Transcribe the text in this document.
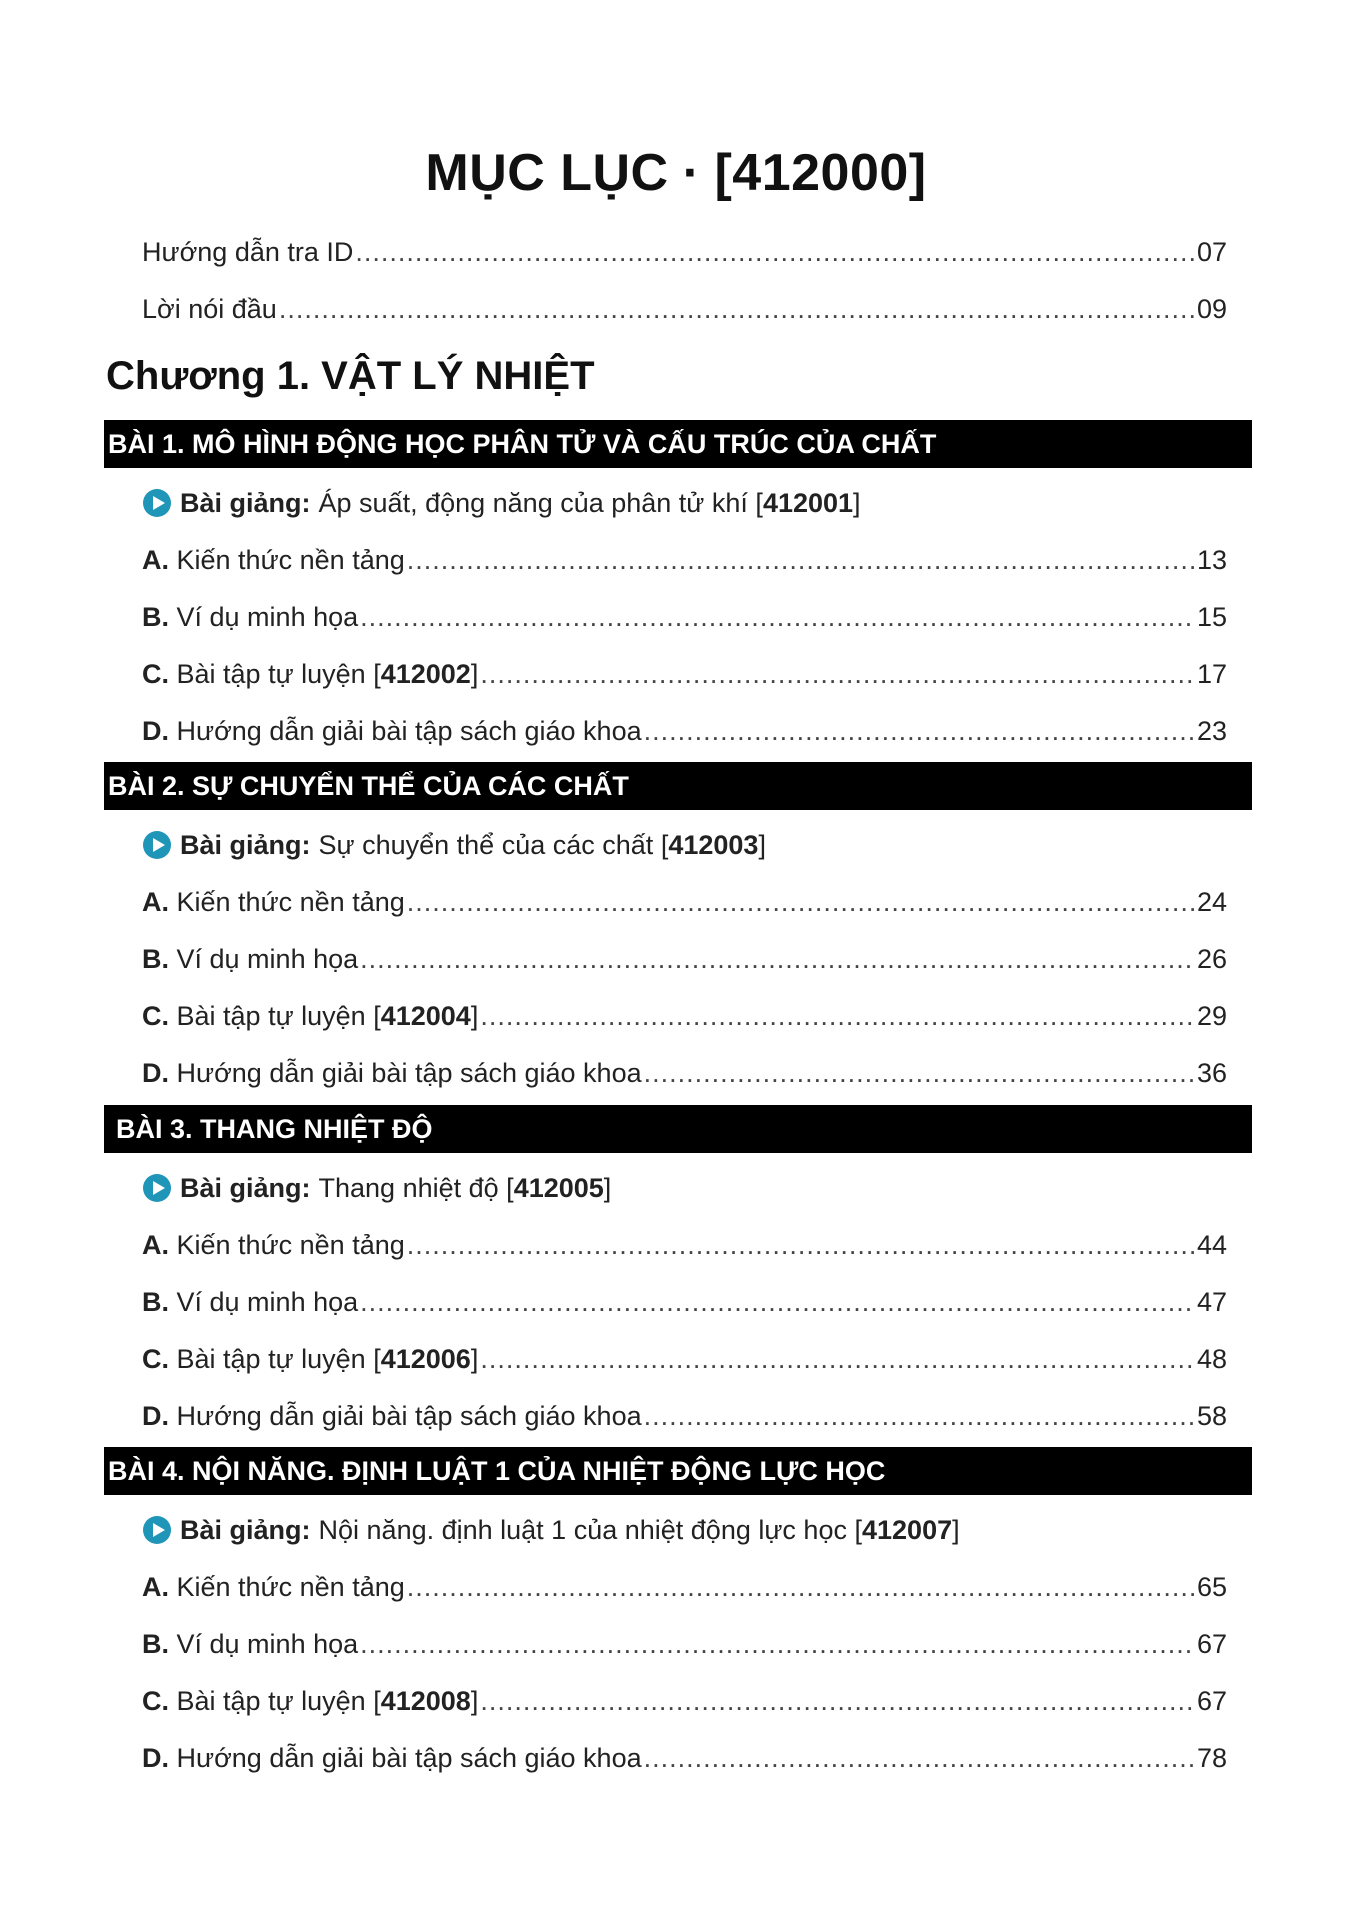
MỤC LỤC · [412000]
Hướng dẫn tra ID .....	07
Lời nói đầu .....	09
Chương 1. VẬT LÝ NHIỆT
BÀI 1. MÔ HÌNH ĐỘNG HỌC PHÂN TỬ VÀ CẤU TRÚC CỦA CHẤT
Bài giảng: Áp suất, động năng của phân tử khí
[ 412001 ]
A. Kiến thức nền tảng .....	13
B. Ví dụ minh họa .....	15
C. Bài tập tự luyện [412002] .....	17
D. Hướng dẫn giải bài tập sách giáo khoa .....	23
BÀI 2. SỰ CHUYỂN THỂ CỦA CÁC CHẤT
Bài giảng: Sự chuyển thể của các chất
[ 412003 ]
A. Kiến thức nền tảng .....	24
B. Ví dụ minh họa .....	26
C. Bài tập tự luyện [412004] .....	29
D. Hướng dẫn giải bài tập sách giáo khoa .....	36
BÀI 3. THANG NHIỆT ĐỘ
Bài giảng: Thang nhiệt độ
[ 412005 ]
A. Kiến thức nền tảng .....	44
B. Ví dụ minh họa .....	47
C. Bài tập tự luyện [412006] .....	48
D. Hướng dẫn giải bài tập sách giáo khoa .....	58
BÀI 4. NỘI NĂNG. ĐỊNH LUẬT 1 CỦA NHIỆT ĐỘNG LỰC HỌC
Bài giảng: Nội năng. định luật 1 của nhiệt động lực học
[ 412007 ]
A. Kiến thức nền tảng .....	65
B. Ví dụ minh họa .....	67
C. Bài tập tự luyện [412008] .....	67
D. Hướng dẫn giải bài tập sách giáo khoa .....	78
